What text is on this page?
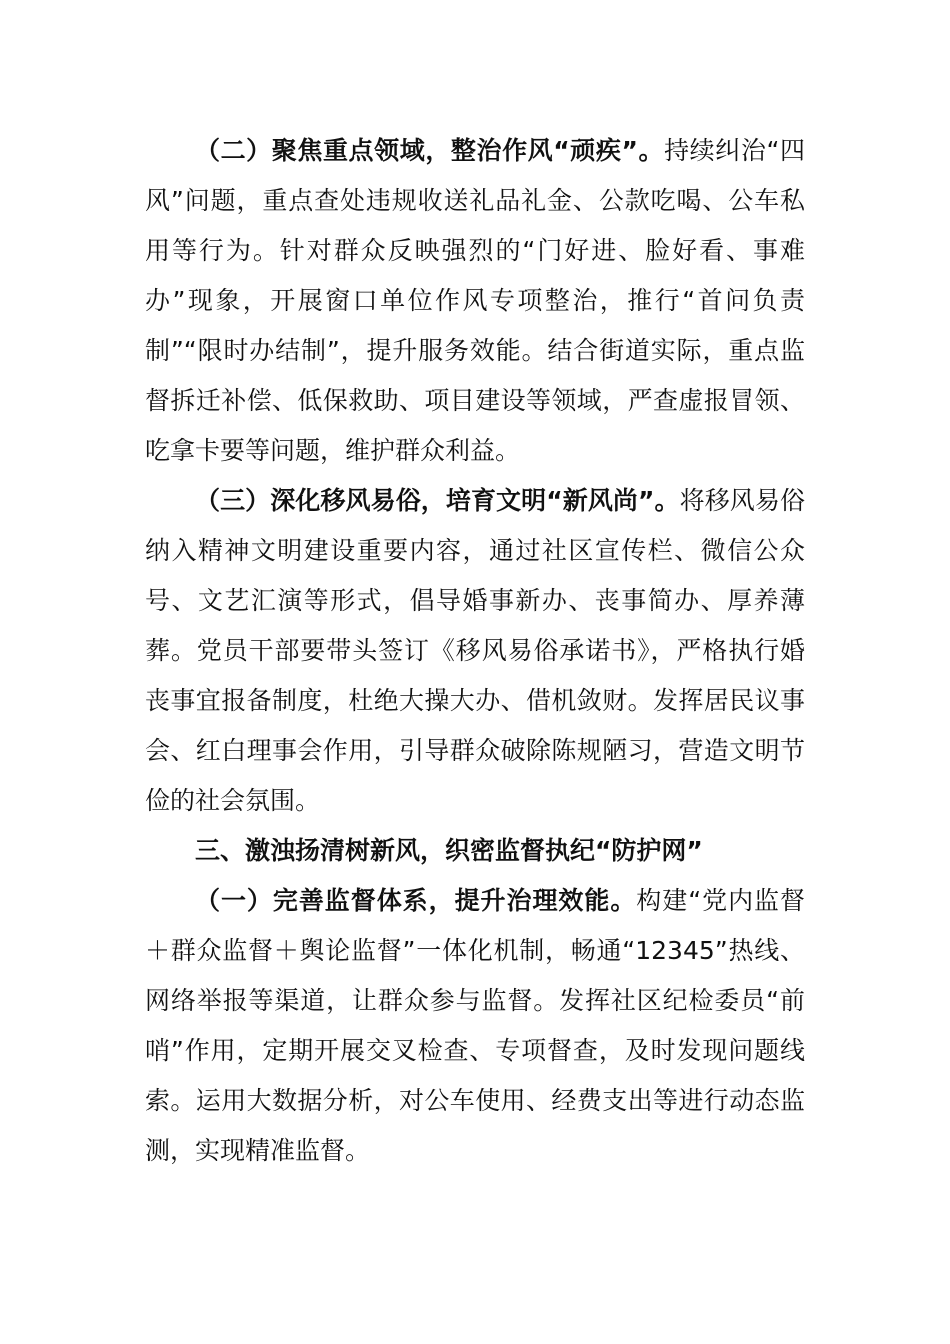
（二）聚焦重点领域，整治作风“顽疾”。持续纠治“四风”问题，重点查处违规收送礼品礼金、公款吃喝、公车私用等行为。针对群众反映强烈的“门好进、脸好看、事难办”现象，开展窗口单位作风专项整治，推行“首问负责制”“限时办结制”，提升服务效能。结合街道实际，重点监督拆迁补偿、低保救助、项目建设等领域，严查虚报冒领、吃拿卡要等问题，维护群众利益。

（三）深化移风易俗，培育文明“新风尚”。将移风易俗纳入精神文明建设重要内容，通过社区宣传栏、微信公众号、文艺汇演等形式，倡导婚事新办、丧事简办、厚养薄葬。党员干部要带头签订《移风易俗承诺书》，严格执行婚丧事宜报备制度，杜绝大操大办、借机敛财。发挥居民议事会、红白理事会作用，引导群众破除陈规陋习，营造文明节俭的社会氛围。

三、激浊扬清树新风，织密监督执纪“防护网”

（一）完善监督体系，提升治理效能。构建“党内监督＋群众监督＋舆论监督”一体化机制，畅通“12345”热线、网络举报等渠道，让群众参与监督。发挥社区纪检委员“前哨”作用，定期开展交叉检查、专项督查，及时发现问题线索。运用大数据分析，对公车使用、经费支出等进行动态监测，实现精准监督。
